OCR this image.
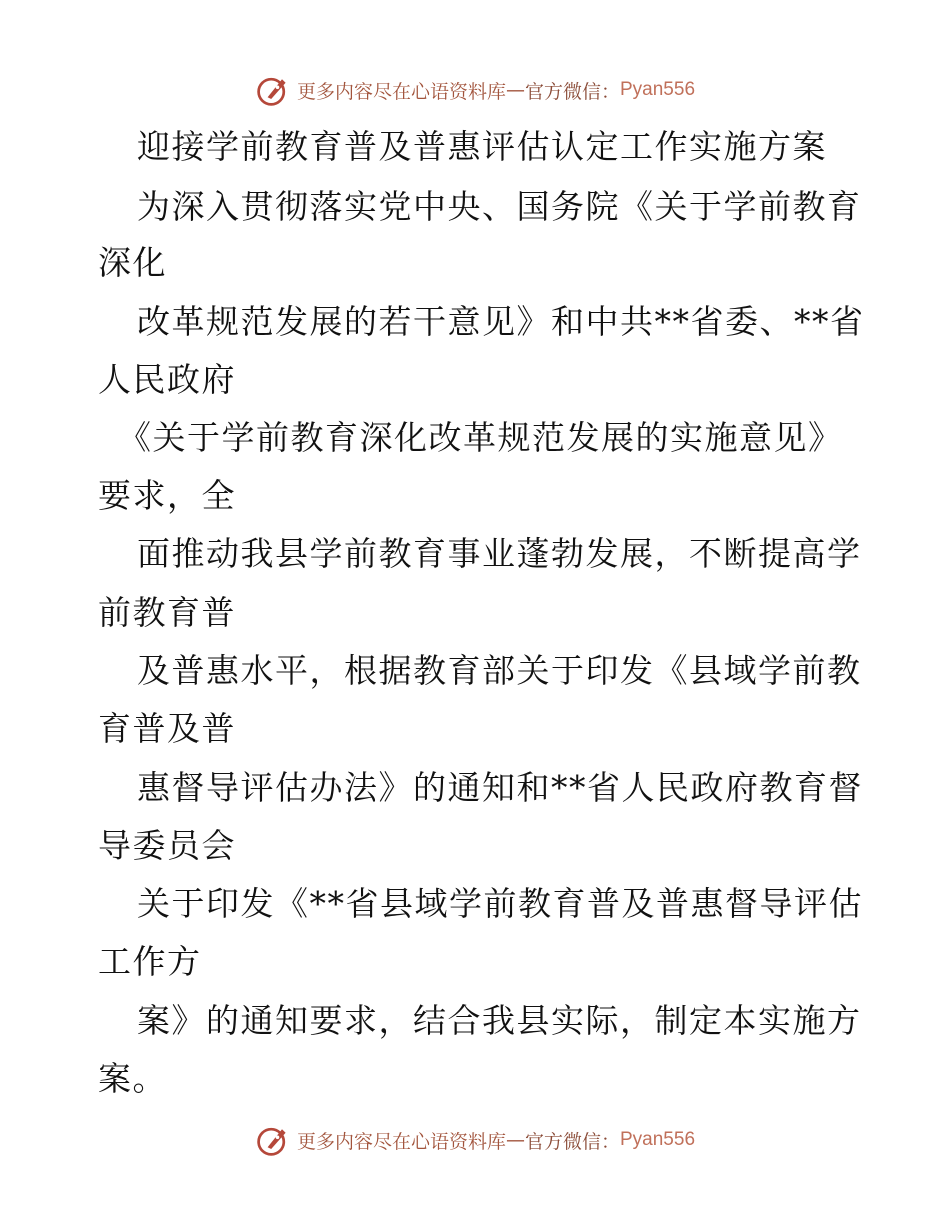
更多内容尽在心语资料库 — 官方微信： Pyan556
迎接学前教育普及普惠评估认定工作实施方案
为深入贯彻落实党中央、国务院《关于学前教育
深化
改革规范发展的若干意见》和中共**省委、**省
人民政府
《关于学前教育深化改革规范发展的实施意见》
要求，全
面推动我县学前教育事业蓬勃发展，不断提高学
前教育普
及普惠水平，根据教育部关于印发《县域学前教
育普及普
惠督导评估办法》的通知和**省人民政府教育督
导委员会
关于印发《**省县域学前教育普及普惠督导评估
工作方
案》的通知要求，结合我县实际，制定本实施方
案。
更多内容尽在心语资料库 — 官方微信： Pyan556
